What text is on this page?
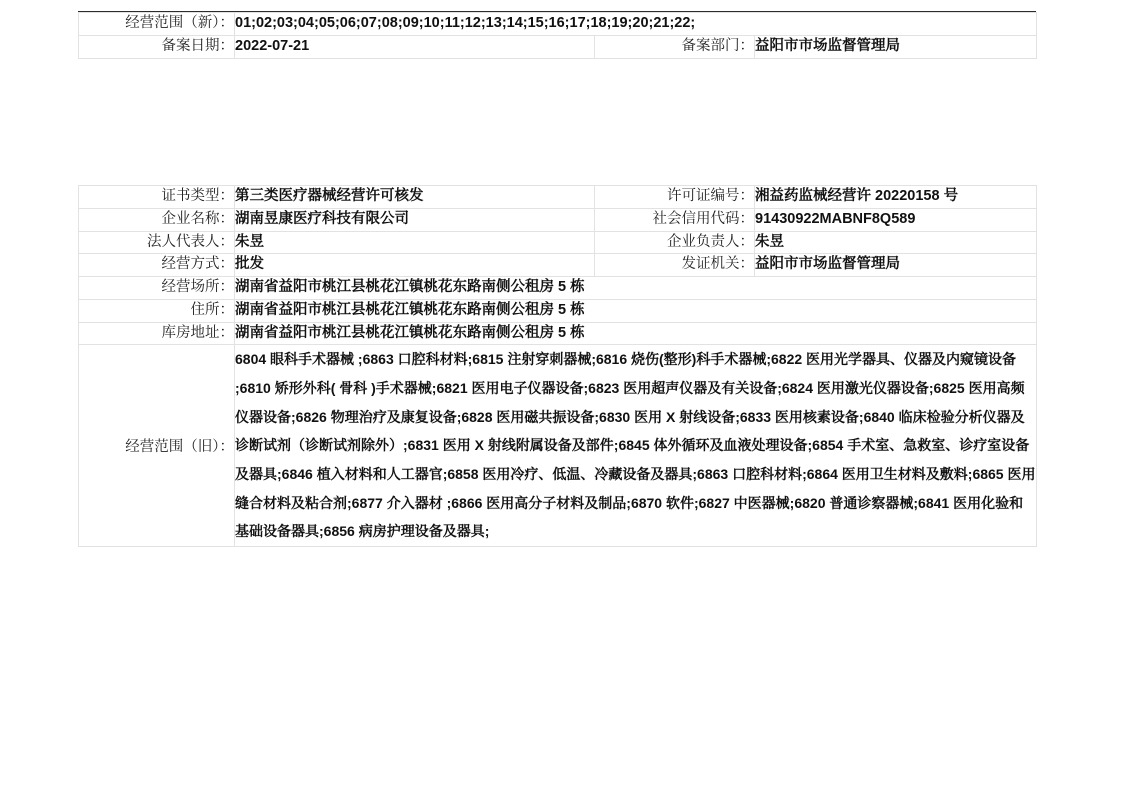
经营范围（新）：	01;02;03;04;05;06;07;08;09;10;11;12;13;14;15;16;17;18;19;20;21;22;		
备案日期：	2022-07-21	备案部门：	益阳市市场监督管理局
证书类型：	第三类医疗器械经营许可核发	许可证编号：	湘益药监械经营许 20220158 号
企业名称：	湖南昱康医疗科技有限公司	社会信用代码：	91430922MABNF8Q589
法人代表人：	朱昱	企业负责人：	朱昱
经营方式：	批发	发证机关：	益阳市市场监督管理局
经营场所：	湖南省益阳市桃江县桃花江镇桃花东路南侧公租房 5 栋		
住所：	湖南省益阳市桃江县桃花江镇桃花东路南侧公租房 5 栋		
库房地址：	湖南省益阳市桃江县桃花江镇桃花东路南侧公租房 5 栋		
经营范围（旧）：	6804 眼科手术器械 ;6863 口腔科材料;6815 注射穿刺器械;6816 烧伤(整形)科手术器械;6822 医用光学器具、仪器及内窥镜设备 ;6810 矫形外科( 骨科 )手术器械;6821 医用电子仪器设备;6823 医用超声仪器及有关设备;6824 医用激光仪器设备;6825 医用高频仪器设备;6826 物理治疗及康复设备;6828 医用磁共振设备;6830 医用 X 射线设备;6833 医用核素设备;6840 临床检验分析仪器及诊断试剂（诊断试剂除外）;6831 医用 X 射线附属设备及部件;6845 体外循环及血液处理设备;6854 手术室、急救室、诊疗室设备及器具;6846 植入材料和人工器官;6858 医用冷疗、低温、冷藏设备及器具;6863 口腔科材料;6864 医用卫生材料及敷料;6865 医用缝合材料及粘合剂;6877 介入器材 ;6866 医用高分子材料及制品;6870 软件;6827 中医器械;6820 普通诊察器械;6841 医用化验和基础设备器具;6856 病房护理设备及器具;		
